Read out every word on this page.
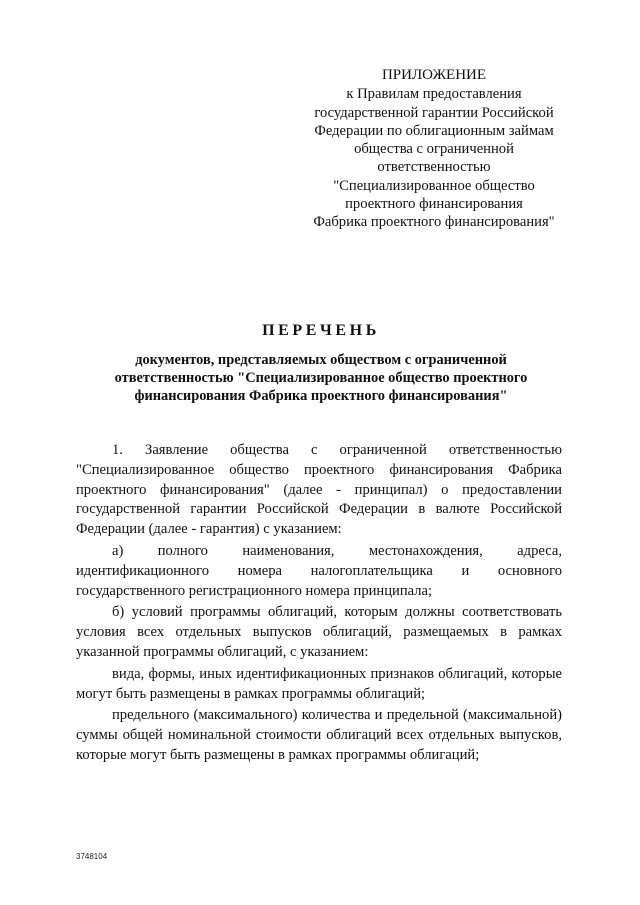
ПРИЛОЖЕНИЕ
к Правилам предоставления
государственной гарантии Российской
Федерации по облигационным займам
общества с ограниченной
ответственностью
"Специализированное общество
проектного финансирования
Фабрика проектного финансирования"
ПЕРЕЧЕНЬ
документов, представляемых обществом с ограниченной
ответственностью "Специализированное общество проектного
финансирования Фабрика проектного финансирования"

1. Заявление общества с ограниченной ответственностью "Специализированное общество проектного финансирования Фабрика проектного финансирования" (далее - принципал) о предоставлении государственной гарантии Российской Федерации в валюте Российской Федерации (далее - гарантия) с указанием:

а) полного наименования, местонахождения, адреса, идентификационного номера налогоплательщика и основного государственного регистрационного номера принципала;

б) условий программы облигаций, которым должны соответствовать условия всех отдельных выпусков облигаций, размещаемых в рамках указанной программы облигаций, с указанием:

вида, формы, иных идентификационных признаков облигаций, которые могут быть размещены в рамках программы облигаций;

предельного (максимального) количества и предельной (максимальной) суммы общей номинальной стоимости облигаций всех отдельных выпусков, которые могут быть размещены в рамках программы облигаций;

3748104
